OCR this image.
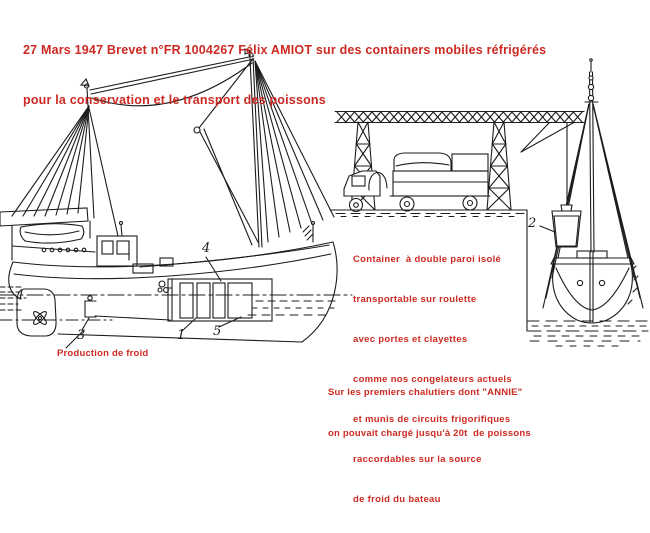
27 Mars 1947 Brevet n°FR 1004267 Félix AMIOT sur des containers mobiles réfrigérés

pour la conservation et le transport des poissons

Container  à double paroi isolé

transportable sur roulette

avec portes et clayettes

comme nos congelateurs actuels

et munis de circuits frigorifiques

raccordables sur la source

de froid du bateau

Sur les premiers chalutiers dont "ANNIE"

on pouvait chargé jusqu'à 20t  de poissons

Production de froid
4
1 5
3
2
